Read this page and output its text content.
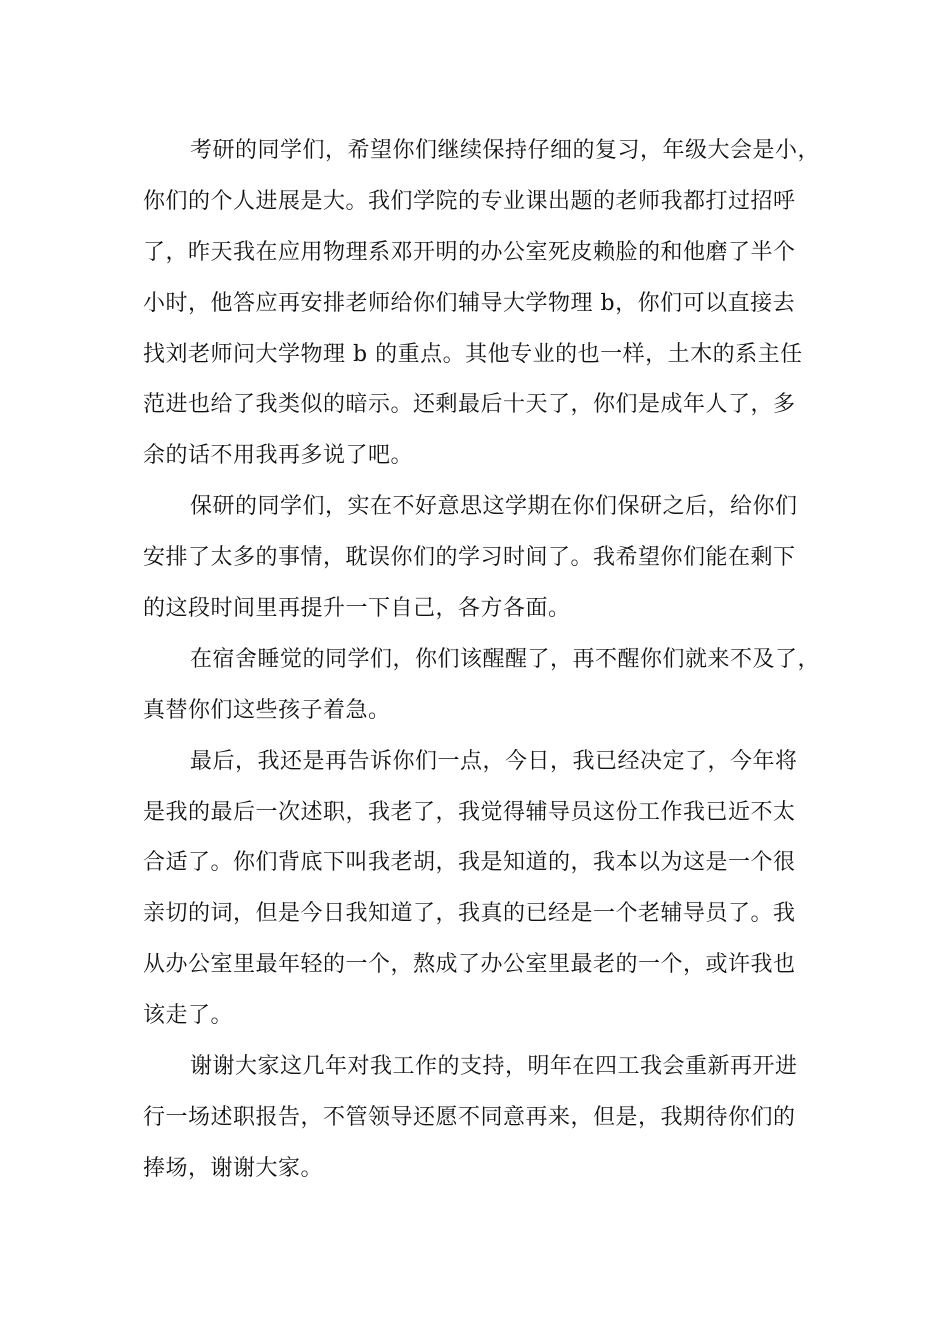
考研的同学们，希望你们继续保持仔细的复习，年级大会是小，
你们的个人进展是大。我们学院的专业课出题的老师我都打过招呼
了，昨天我在应用物理系邓开明的办公室死皮赖脸的和他磨了半个
小时，他答应再安排老师给你们辅导大学物理 b，你们可以直接去
找刘老师问大学物理 b 的重点。其他专业的也一样，土木的系主任
范进也给了我类似的暗示。还剩最后十天了，你们是成年人了，多
余的话不用我再多说了吧。
保研的同学们，实在不好意思这学期在你们保研之后，给你们
安排了太多的事情，耽误你们的学习时间了。我希望你们能在剩下
的这段时间里再提升一下自己，各方各面。
在宿舍睡觉的同学们，你们该醒醒了，再不醒你们就来不及了，
真替你们这些孩子着急。
最后，我还是再告诉你们一点，今日，我已经决定了，今年将
是我的最后一次述职，我老了，我觉得辅导员这份工作我已近不太
合适了。你们背底下叫我老胡，我是知道的，我本以为这是一个很
亲切的词，但是今日我知道了，我真的已经是一个老辅导员了。我
从办公室里最年轻的一个，熬成了办公室里最老的一个，或许我也
该走了。
谢谢大家这几年对我工作的支持，明年在四工我会重新再开进
行一场述职报告，不管领导还愿不同意再来，但是，我期待你们的
捧场，谢谢大家。
